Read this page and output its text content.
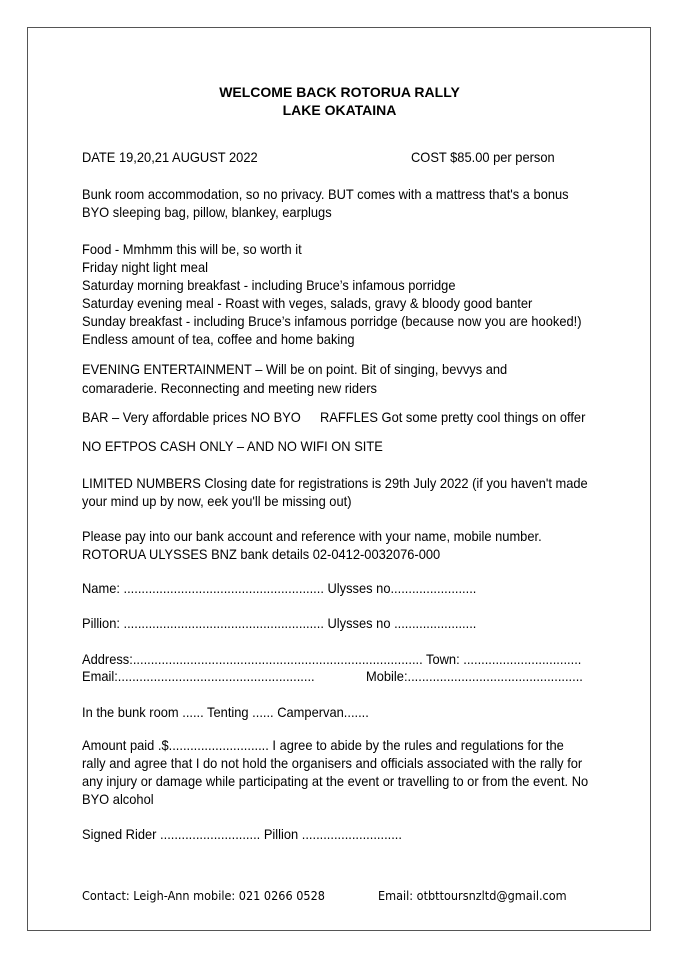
WELCOME BACK ROTORUA RALLY
LAKE OKATAINA
DATE 19,20,21 AUGUST 2022	COST $85.00 per person
Bunk room accommodation, so no privacy. BUT comes with a mattress that's a bonus
BYO sleeping bag, pillow, blankey, earplugs
Food - Mmhmm this will be, so worth it
Friday night light meal
Saturday morning breakfast - including Bruce’s infamous porridge
Saturday evening meal - Roast with veges, salads, gravy & bloody good banter
Sunday breakfast - including Bruce’s infamous porridge (because now you are hooked!)
Endless amount of tea, coffee and home baking
EVENING ENTERTAINMENT – Will be on point. Bit of singing, bevvys and
comaraderie. Reconnecting and meeting new riders
BAR – Very affordable prices NO BYO RAFFLES Got some pretty cool things on offer
NO EFTPOS CASH ONLY – AND NO WIFI ON SITE
LIMITED NUMBERS Closing date for registrations is 29th July 2022 (if you haven't made
your mind up by now, eek you'll be missing out)
Please pay into our bank account and reference with your name, mobile number.
ROTORUA ULYSSES BNZ bank details 02-0412-0032076-000
Name: ........................................................ Ulysses no........................
Pillion: ........................................................ Ulysses no .......................
Address:................................................................................. Town: .................................
Email:.......................................................	Mobile:.................................................
In the bunk room ...... Tenting ...... Campervan.......
Amount paid .$............................ I agree to abide by the rules and regulations for the
rally and agree that I do not hold the organisers and officials associated with the rally for
any injury or damage while participating at the event or travelling to or from the event. No
BYO alcohol
Signed Rider ............................ Pillion ............................
Contact: Leigh-Ann mobile: 021 0266 0528	Email: otbttoursnzltd@gmail.com
